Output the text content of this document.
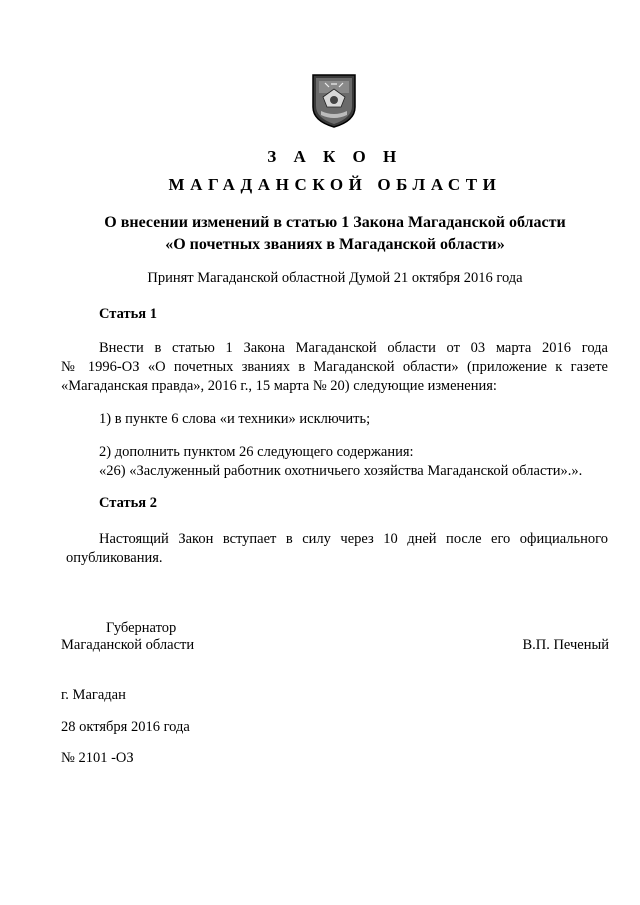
З А К О Н
МАГАДАНСКОЙ ОБЛАСТИ
О внесении изменений в статью 1 Закона Магаданской области
«О почетных званиях в Магаданской области»
Принят Магаданской областной Думой 21 октября 2016 года
Статья 1
Внести в статью 1 Закона Магаданской области от 03 марта 2016 года
№ 1996-ОЗ «О почетных званиях в Магаданской области» (приложение к газете
«Магаданская правда», 2016 г., 15 марта № 20) следующие изменения:
1) в пункте 6 слова «и техники» исключить;
2) дополнить пунктом 26 следующего содержания:
«26) «Заслуженный работник охотничьего хозяйства Магаданской области».».
Статья 2
Настоящий Закон вступает в силу через 10 дней после его официального
опубликования.
Губернатор
Магаданской области	В.П. Печеный
г. Магадан
28 октября 2016 года
№ 2101 -ОЗ
